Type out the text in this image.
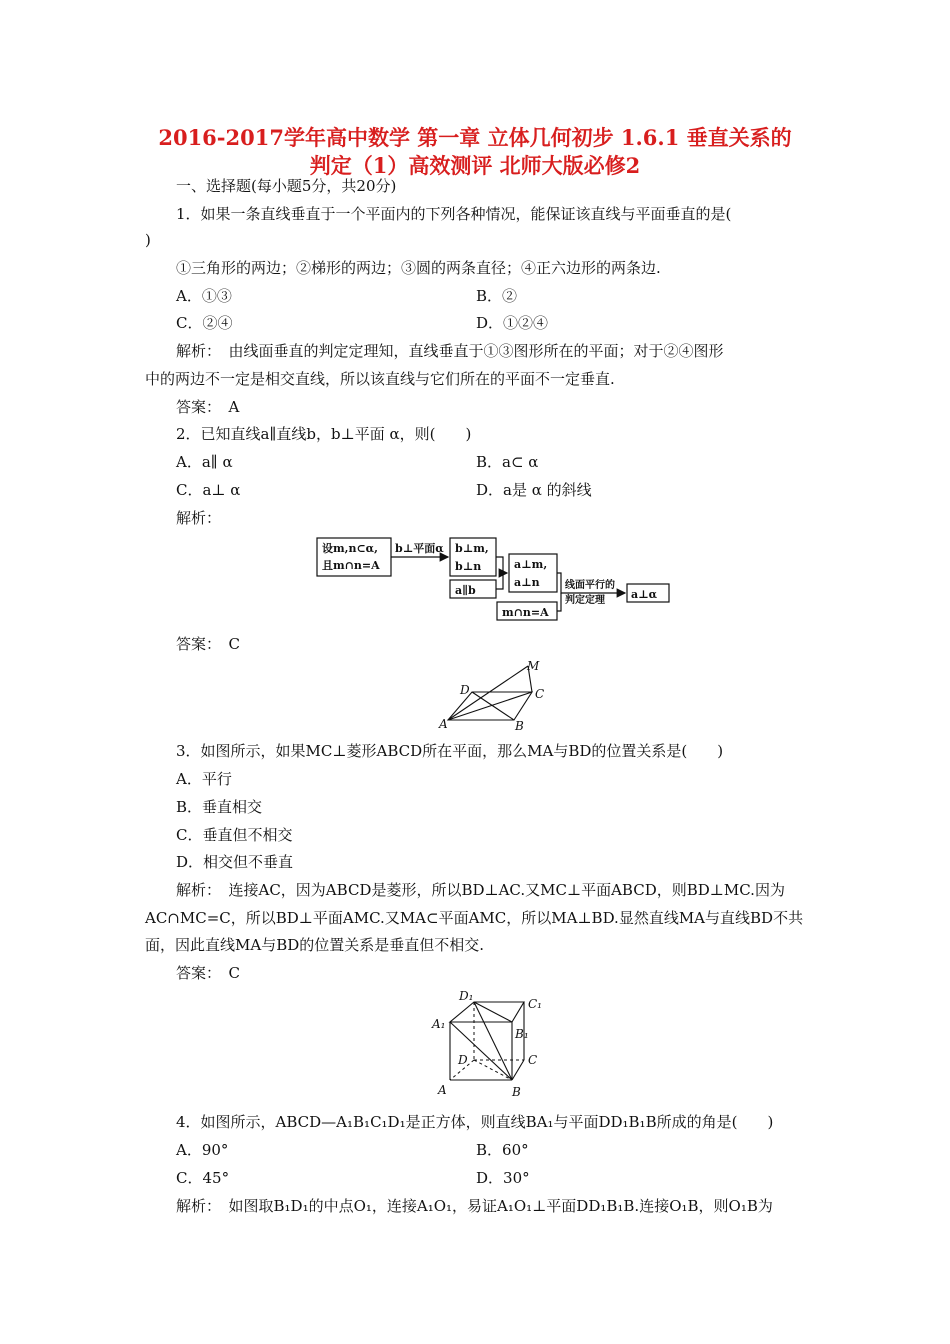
2016-2017学年高中数学 第一章 立体几何初步 1.6.1 垂直关系的
判定（1）高效测评 北师大版必修2
一、选择题(每小题5分，共20分)
1．如果一条直线垂直于一个平面内的下列各种情况，能保证该直线与平面垂直的是(
)
①三角形的两边；②梯形的两边；③圆的两条直径；④正六边形的两条边.
A．①③	B．②
C．②④	D．①②④
解析：　由线面垂直的判定定理知，直线垂直于①③图形所在的平面；对于②④图形
中的两边不一定是相交直线，所以该直线与它们所在的平面不一定垂直.
答案：　A
2．已知直线a∥直线b，b⊥平面 α，则(　　)
A．a∥ α	B．a⊂ α
C．a⊥ α	D．a是 α 的斜线
解析：
设m,n⊂α,
且m∩n=A
b⊥平面α b⊥m,
b⊥n
a∥b
a⊥m,
a⊥n
m∩n=A
线面平行的
判定定理 a⊥α
答案：　C
M
D	C
A	B
3．如图所示，如果MC⊥菱形ABCD所在平面，那么MA与BD的位置关系是(　　)
A．平行
B．垂直相交
C．垂直但不相交
D．相交但不垂直
解析：　连接AC，因为ABCD是菱形，所以BD⊥AC.又MC⊥平面ABCD，则BD⊥MC.因为
AC∩MC=C，所以BD⊥平面AMC.又MA⊂平面AMC，所以MA⊥BD.显然直线MA与直线BD不共
面，因此直线MA与BD的位置关系是垂直但不相交.
答案：　C
D₁
C₁
A₁
B₁
D	C
A	B
4．如图所示，ABCD—A₁B₁C₁D₁是正方体，则直线BA₁与平面DD₁B₁B所成的角是(　　)
A．90°	B．60°
C．45°	D．30°
解析：　如图取B₁D₁的中点O₁，连接A₁O₁，易证A₁O₁⊥平面DD₁B₁B.连接O₁B，则O₁B为
